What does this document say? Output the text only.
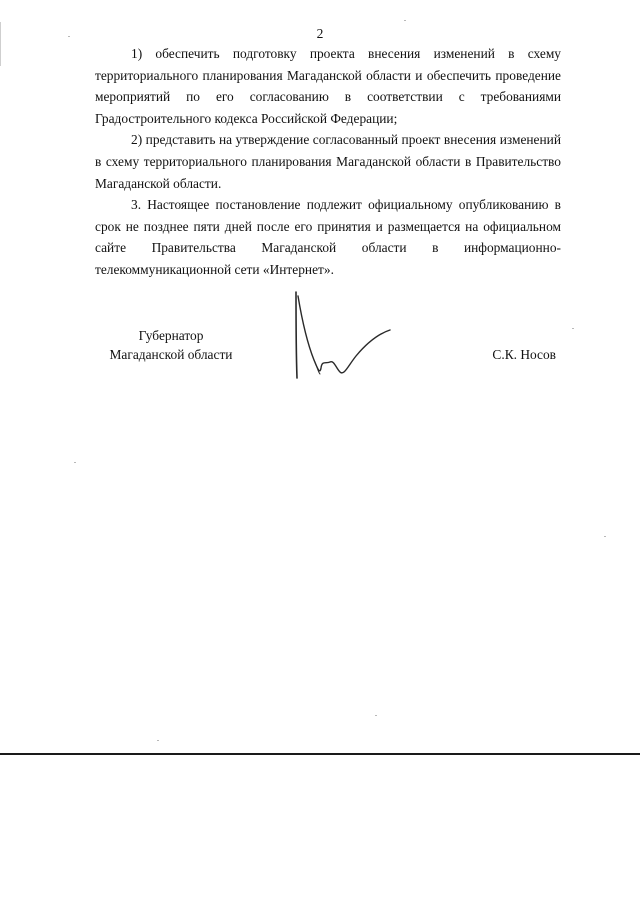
2

1) обеспечить подготовку проекта внесения изменений в схему территориального планирования Магаданской области и обеспечить проведение мероприятий по его согласованию в соответствии с требованиями Градостроительного кодекса Российской Федерации;

2) представить на утверждение согласованный проект внесения изменений в схему территориального планирования Магаданской области в Правительство Магаданской области.

3. Настоящее постановление подлежит официальному опубликованию в срок не позднее пяти дней после его принятия и размещается на официальном сайте Правительства Магаданской области в информационно-телекоммуникационной сети «Интернет».

Губернатор
Магаданской области	С.К. Носов
